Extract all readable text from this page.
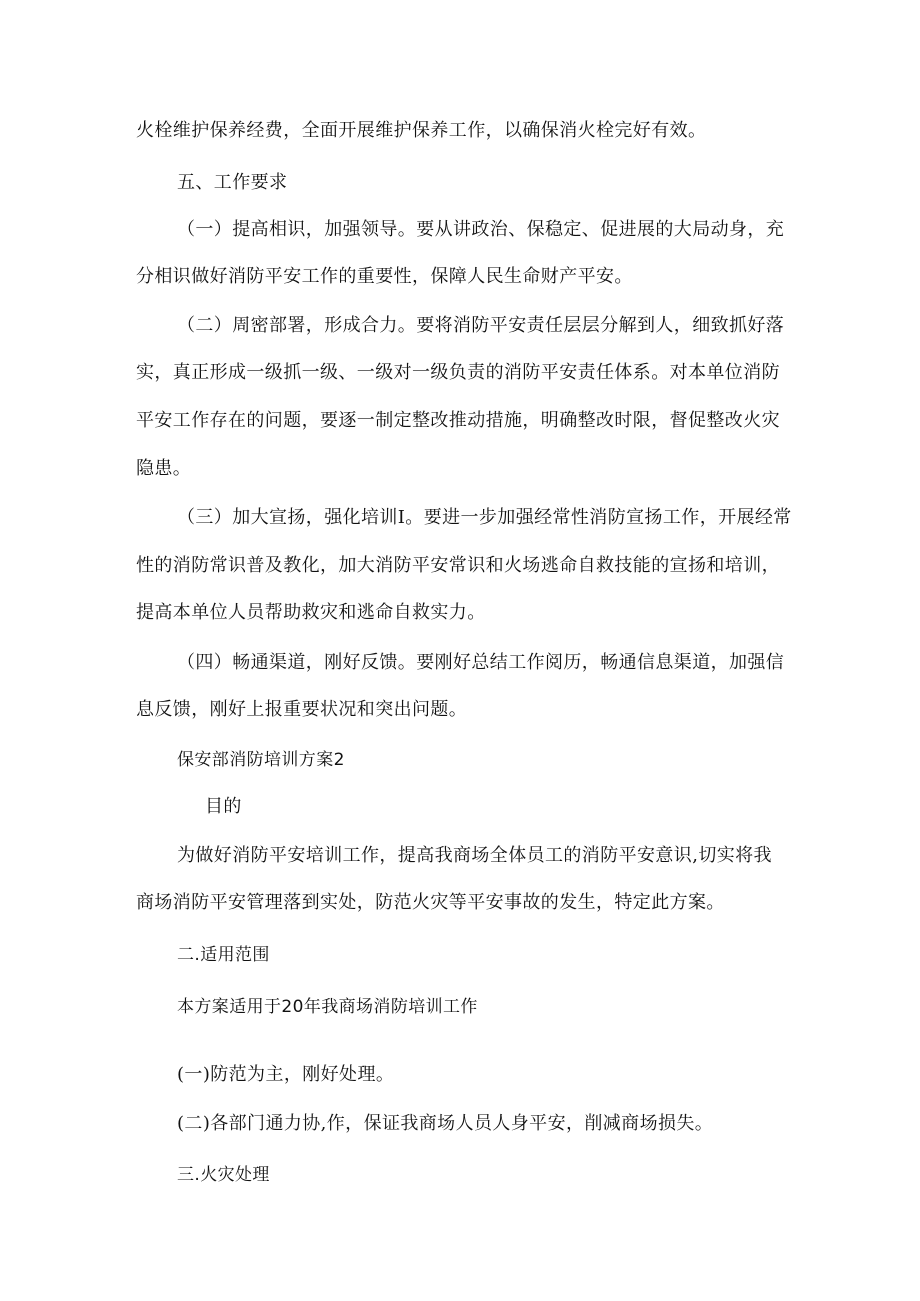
火栓维护保养经费，全面开展维护保养工作，以确保消火栓完好有效。
五、工作要求
（一）提高相识，加强领导。要从讲政治、保稳定、促进展的大局动身，充
分相识做好消防平安工作的重要性，保障人民生命财产平安。
（二）周密部署，形成合力。要将消防平安责任层层分解到人，细致抓好落
实，真正形成一级抓一级、一级对一级负责的消防平安责任体系。对本单位消防
平安工作存在的问题，要逐一制定整改推动措施，明确整改时限，督促整改火灾
隐患。
（三）加大宣扬，强化培训I。要进一步加强经常性消防宣扬工作，开展经常
性的消防常识普及教化，加大消防平安常识和火场逃命自救技能的宣扬和培训，
提高本单位人员帮助救灾和逃命自救实力。
（四）畅通渠道，刚好反馈。要刚好总结工作阅历，畅通信息渠道，加强信
息反馈，刚好上报重要状况和突出问题。
保安部消防培训方案2
目的
为做好消防平安培训工作，提高我商场全体员工的消防平安意识,切实将我
商场消防平安管理落到实处，防范火灾等平安事故的发生，特定此方案。
二.适用范围
本方案适用于20年我商场消防培训工作
(一)防范为主，刚好处理。
(二)各部门通力协,作，保证我商场人员人身平安，削减商场损失。
三.火灾处理
